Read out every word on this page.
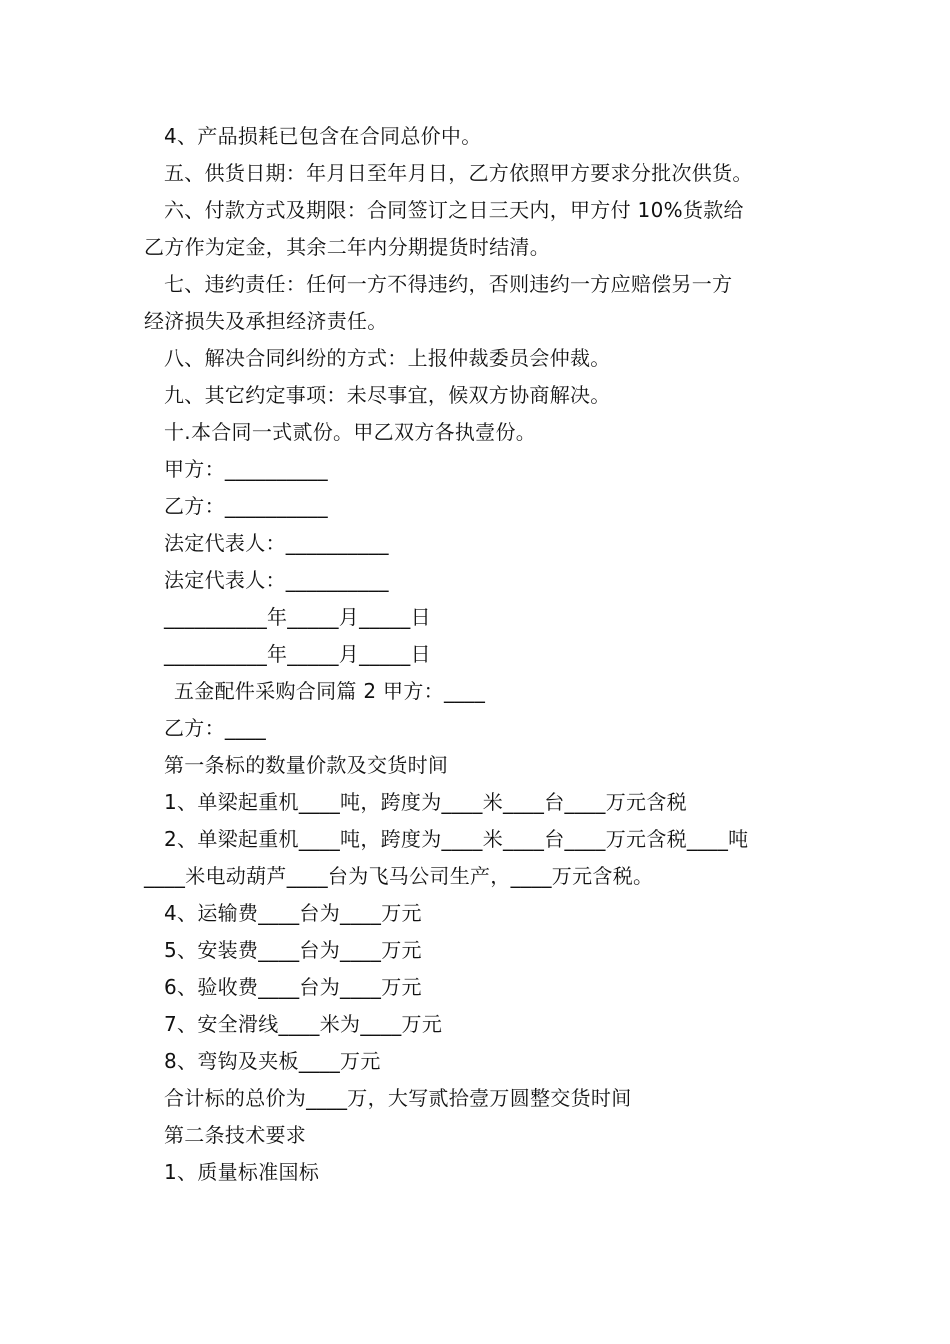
4、产品损耗已包含在合同总价中。
五、供货日期：年月日至年月日，乙方依照甲方要求分批次供货。
六、付款方式及期限：合同签订之日三天内，甲方付 10%货款给
乙方作为定金，其余二年内分期提货时结清。
七、违约责任：任何一方不得违约，否则违约一方应赔偿另一方
经济损失及承担经济责任。
八、解决合同纠纷的方式：上报仲裁委员会仲裁。
九、其它约定事项：未尽事宜，候双方协商解决。
十.本合同一式贰份。甲乙双方各执壹份。
甲方：__________
乙方：__________
法定代表人：__________
法定代表人：__________
__________年_____月_____日
__________年_____月_____日
五金配件采购合同篇 2 甲方：____
乙方：____
第一条标的数量价款及交货时间
1、单梁起重机____吨，跨度为____米____台____万元含税
2、单梁起重机____吨，跨度为____米____台____万元含税____吨
____米电动葫芦____台为飞马公司生产，____万元含税。
4、运输费____台为____万元
5、安装费____台为____万元
6、验收费____台为____万元
7、安全滑线____米为____万元
8、弯钩及夹板____万元
合计标的总价为____万，大写贰拾壹万圆整交货时间
第二条技术要求
1、质量标准国标
